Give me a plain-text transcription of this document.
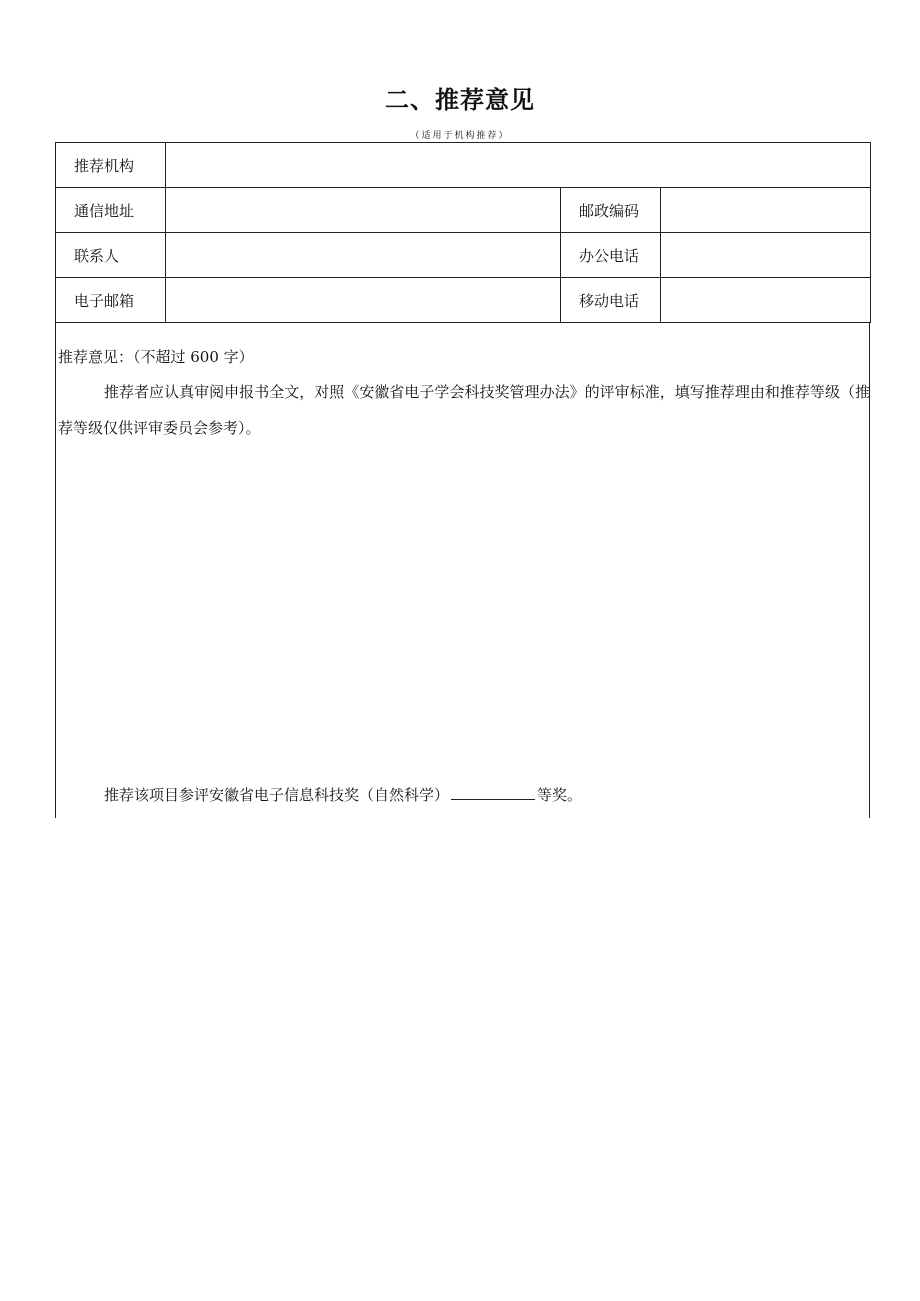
二、推荐意见
（适用于机构推荐）
推荐机构			
通信地址		邮政编码	
联系人		办公电话	
电子邮箱		移动电话	
推荐意见：（不超过 600 字）
推荐者应认真审阅申报书全文，对照《安徽省电子学会科技奖管理办法》的评审标准，填写推荐理由和推荐等级（推荐等级仅供评审委员会参考）。
推荐该项目参评安徽省电子信息科技奖（自然科学）	等奖。
